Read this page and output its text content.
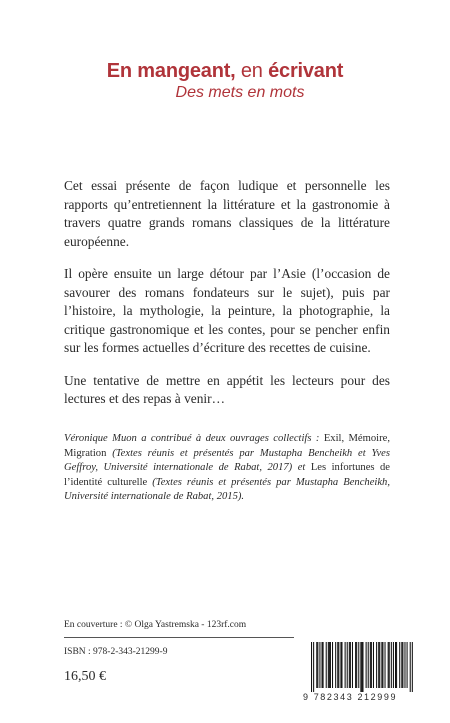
En mangeant, en écrivant
Des mets en mots

Cet essai présente de façon ludique et personnelle les rapports qu’entretiennent la littérature et la gastronomie à travers quatre grands romans classiques de la littérature européenne.

Il opère ensuite un large détour par l’Asie (l’occasion de savourer des romans fondateurs sur le sujet), puis par l’histoire, la mythologie, la peinture, la photographie, la critique gastronomique et les contes, pour se pencher enfin sur les formes actuelles d’écriture des recettes de cuisine.

Une tentative de mettre en appétit les lecteurs pour des lectures et des repas à venir…

Véronique Muon a contribué à deux ouvrages collectifs : Exil, Mémoire, Migration (Textes réunis et présentés par Mustapha Bencheikh et Yves Geffroy, Université internationale de Rabat, 2017) et Les infortunes de l’identité culturelle (Textes réunis et présentés par Mustapha Bencheikh, Université internationale de Rabat, 2015).
En couverture : © Olga Yastremska - 123rf.com
ISBN : 978-2-343-21299-9
16,50 €
9 782343 212999
